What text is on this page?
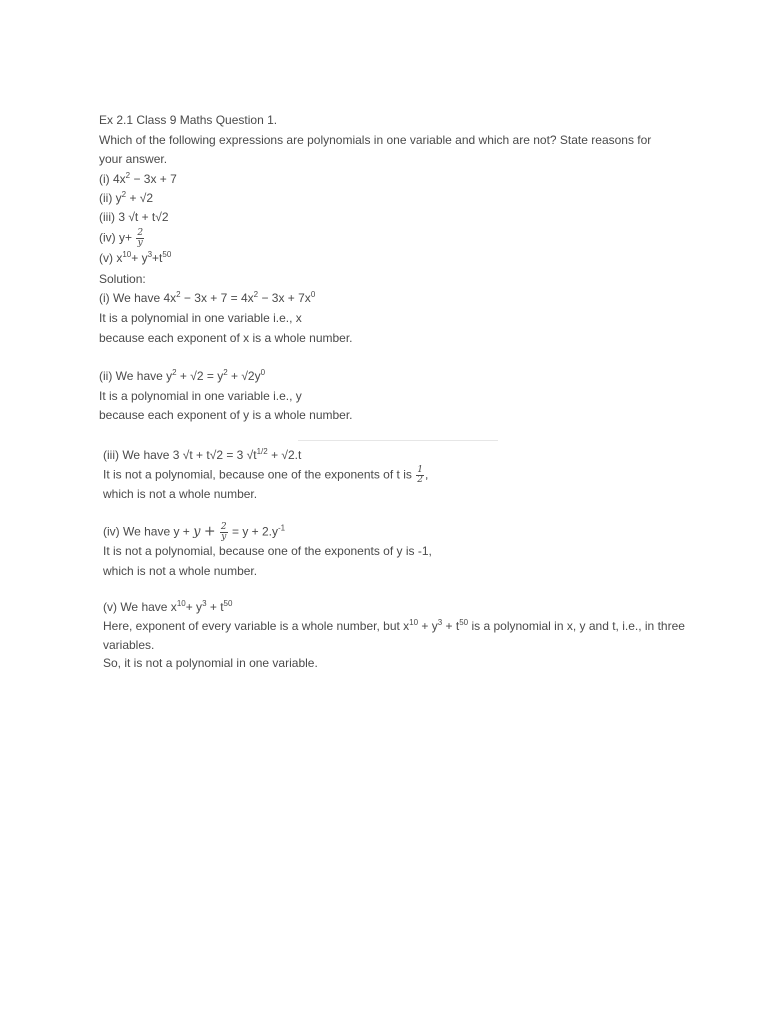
Ex 2.1 Class 9 Maths Question 1.
Which of the following expressions are polynomials in one variable and which are not? State reasons for
your answer.
(i) $4x^2 - 3x + 7$
(ii) $y^2 + √2$
(iii) 3 √t + t√2
(iv) $y+ \frac{2}{y}$
(v) $x^{10}+ y^3+t^{50}$
Solution:
(i) We have $4x^2 - 3x + 7 = 4x^2 - 3x + 7x^0$
It is a polynomial in one variable i.e., x
because each exponent of x is a whole number.
(ii) We have $y^2 + √2 = y^2 + √2y^0$
It is a polynomial in one variable i.e., y
because each exponent of y is a whole number.
(iii) We have 3 √t + t√2 = 3 $√t^{1/2} + √2.t$
It is not a polynomial, because one of the exponents of t is $\frac{1}{2}$ ,
which is not a whole number.
(iv) We have $y + y + \frac{2}{y} = y + 2.y^{-1}$
It is not a polynomial, because one of the exponents of y is -1,
which is not a whole number.
(v) We have $x^{10}+ y^3 + t^{50}$
Here, exponent of every variable is a whole number, but $x^{10} + y^3 + t^{50}$ is a polynomial in x, y and t, i.e., in three
variables.
So, it is not a polynomial in one variable.
